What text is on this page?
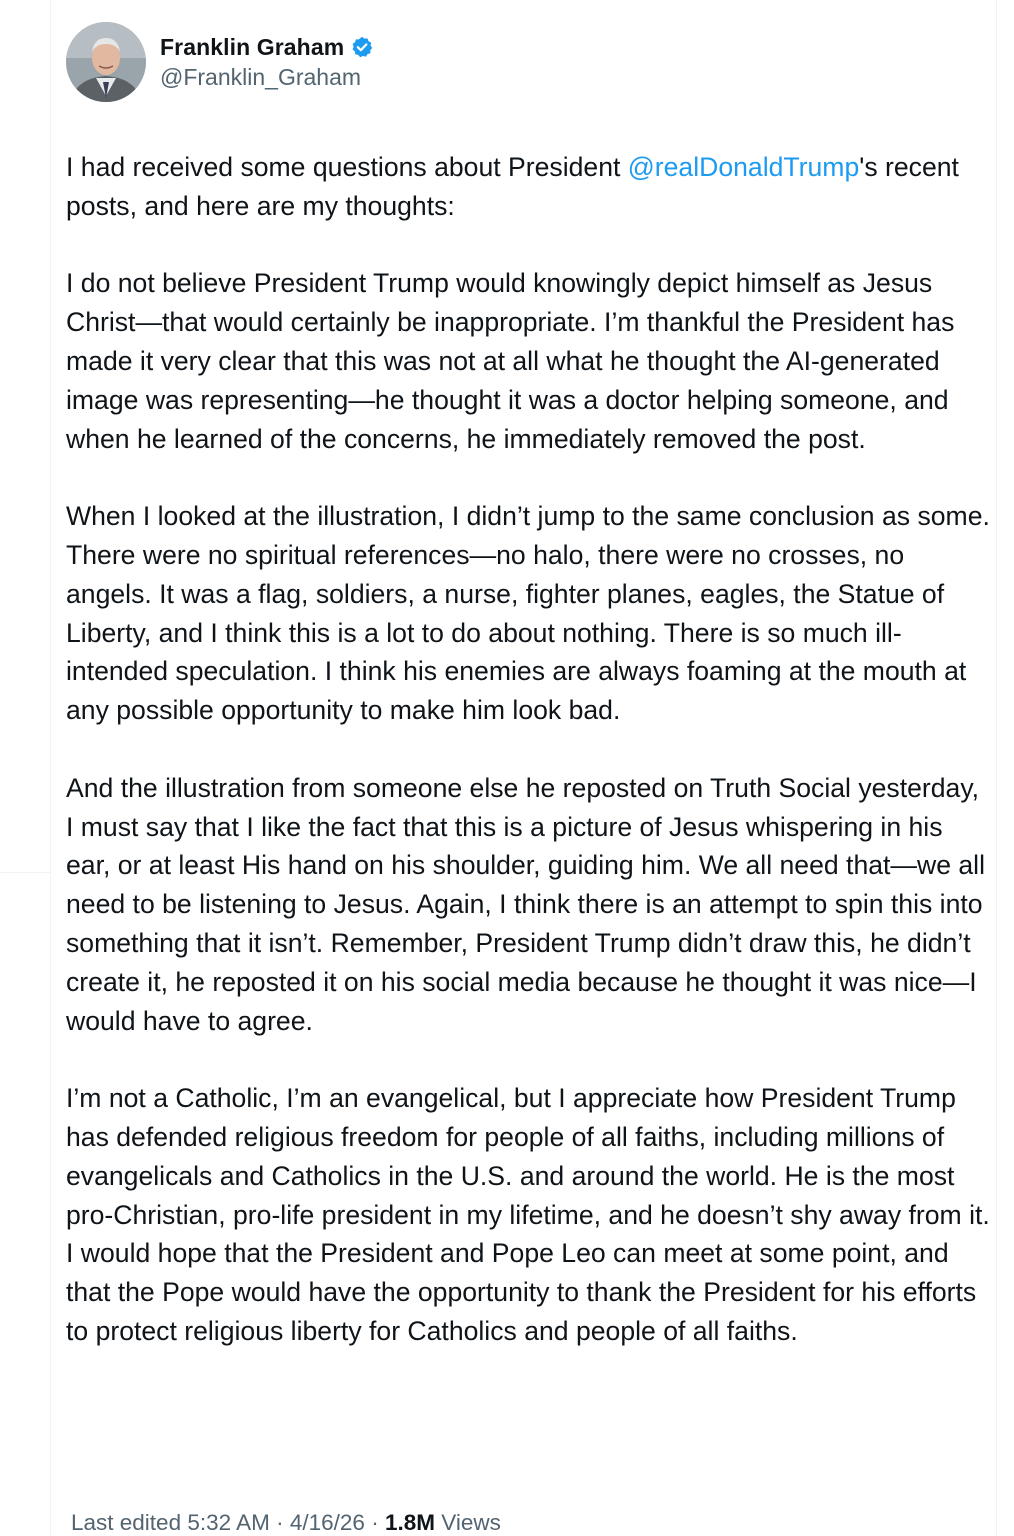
Franklin Graham
@Franklin_Graham

I had received some questions about President @realDonaldTrump's recent posts, and here are my thoughts:

I do not believe President Trump would knowingly depict himself as Jesus Christ—that would certainly be inappropriate. I’m thankful the President has made it very clear that this was not at all what he thought the AI-generated image was representing—he thought it was a doctor helping someone, and when he learned of the concerns, he immediately removed the post.

When I looked at the illustration, I didn’t jump to the same conclusion as some. There were no spiritual references—no halo, there were no crosses, no angels. It was a flag, soldiers, a nurse, fighter planes, eagles, the Statue of Liberty, and I think this is a lot to do about nothing. There is so much ill-intended speculation. I think his enemies are always foaming at the mouth at any possible opportunity to make him look bad.

And the illustration from someone else he reposted on Truth Social yesterday, I must say that I like the fact that this is a picture of Jesus whispering in his ear, or at least His hand on his shoulder, guiding him. We all need that—we all need to be listening to Jesus. Again, I think there is an attempt to spin this into something that it isn’t. Remember, President Trump didn’t draw this, he didn’t create it, he reposted it on his social media because he thought it was nice—I would have to agree.

I’m not a Catholic, I’m an evangelical, but I appreciate how President Trump has defended religious freedom for people of all faiths, including millions of evangelicals and Catholics in the U.S. and around the world. He is the most pro-Christian, pro-life president in my lifetime, and he doesn’t shy away from it. I would hope that the President and Pope Leo can meet at some point, and that the Pope would have the opportunity to thank the President for his efforts to protect religious liberty for Catholics and people of all faiths.

Last edited 5:32 AM · 4/16/26 · 1.8M Views
